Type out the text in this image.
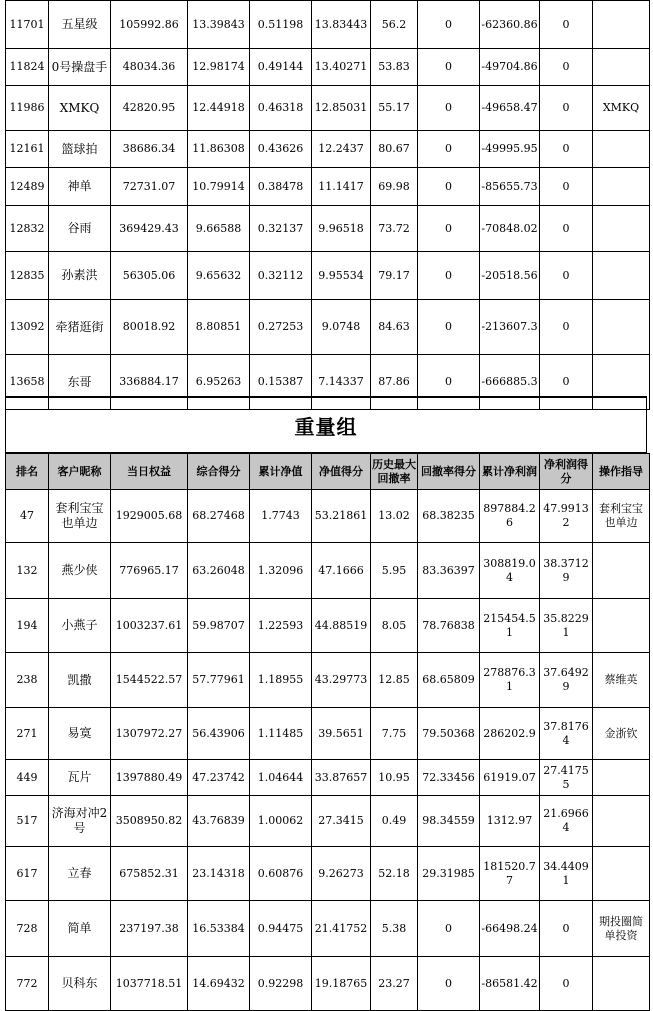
11701	五星级	105992.86	13.39843	0.51198	13.83443	56.2	0	-62360.86	0	
11824	0号操盘手	48034.36	12.98174	0.49144	13.40271	53.83	0	-49704.86	0	
11986	XMKQ	42820.95	12.44918	0.46318	12.85031	55.17	0	-49658.47	0	XMKQ
12161	篮球拍	38686.34	11.86308	0.43626	12.2437	80.67	0	-49995.95	0	
12489	神单	72731.07	10.79914	0.38478	11.1417	69.98	0	-85655.73	0	
12832	谷雨	369429.43	9.66588	0.32137	9.96518	73.72	0	-70848.02	0	
12835	孙素洪	56305.06	9.65632	0.32112	9.95534	79.17	0	-20518.56	0	
13092	牵猪逛街	80018.92	8.80851	0.27253	9.0748	84.63	0	-213607.3	0	
13658	东哥	336884.17	6.95263	0.15387	7.14337	87.86	0	-666885.3	0	
重量组
排名	客户昵称	当日权益	综合得分	累计净值	净值得分	历史最大回撤率	回撤率得分	累计净利润	净利润得分	操作指导
47	套利宝宝也单边	1929005.68	68.27468	1.7743	53.21861	13.02	68.38235	897884.26	47.99132	套利宝宝也单边
132	燕少侠	776965.17	63.26048	1.32096	47.1666	5.95	83.36397	308819.04	38.37129	
194	小燕子	1003237.61	59.98707	1.22593	44.88519	8.05	78.76838	215454.51	35.82291	
238	凯撒	1544522.57	57.77961	1.18955	43.29773	12.85	68.65809	278876.31	37.64929	蔡维英
271	易寞	1307972.27	56.43906	1.11485	39.5651	7.75	79.50368	286202.9	37.81764	金浙钦
449	瓦片	1397880.49	47.23742	1.04644	33.87657	10.95	72.33456	61919.07	27.41755	
517	济海对冲2号	3508950.82	43.76839	1.00062	27.3415	0.49	98.34559	1312.97	21.69664	
617	立春	675852.31	23.14318	0.60876	9.26273	52.18	29.31985	181520.77	34.44091	
728	简单	237197.38	16.53384	0.94475	21.41752	5.38	0	-66498.24	0	期投圈简单投资
772	贝科东	1037718.51	14.69432	0.92298	19.18765	23.27	0	-86581.42	0	
